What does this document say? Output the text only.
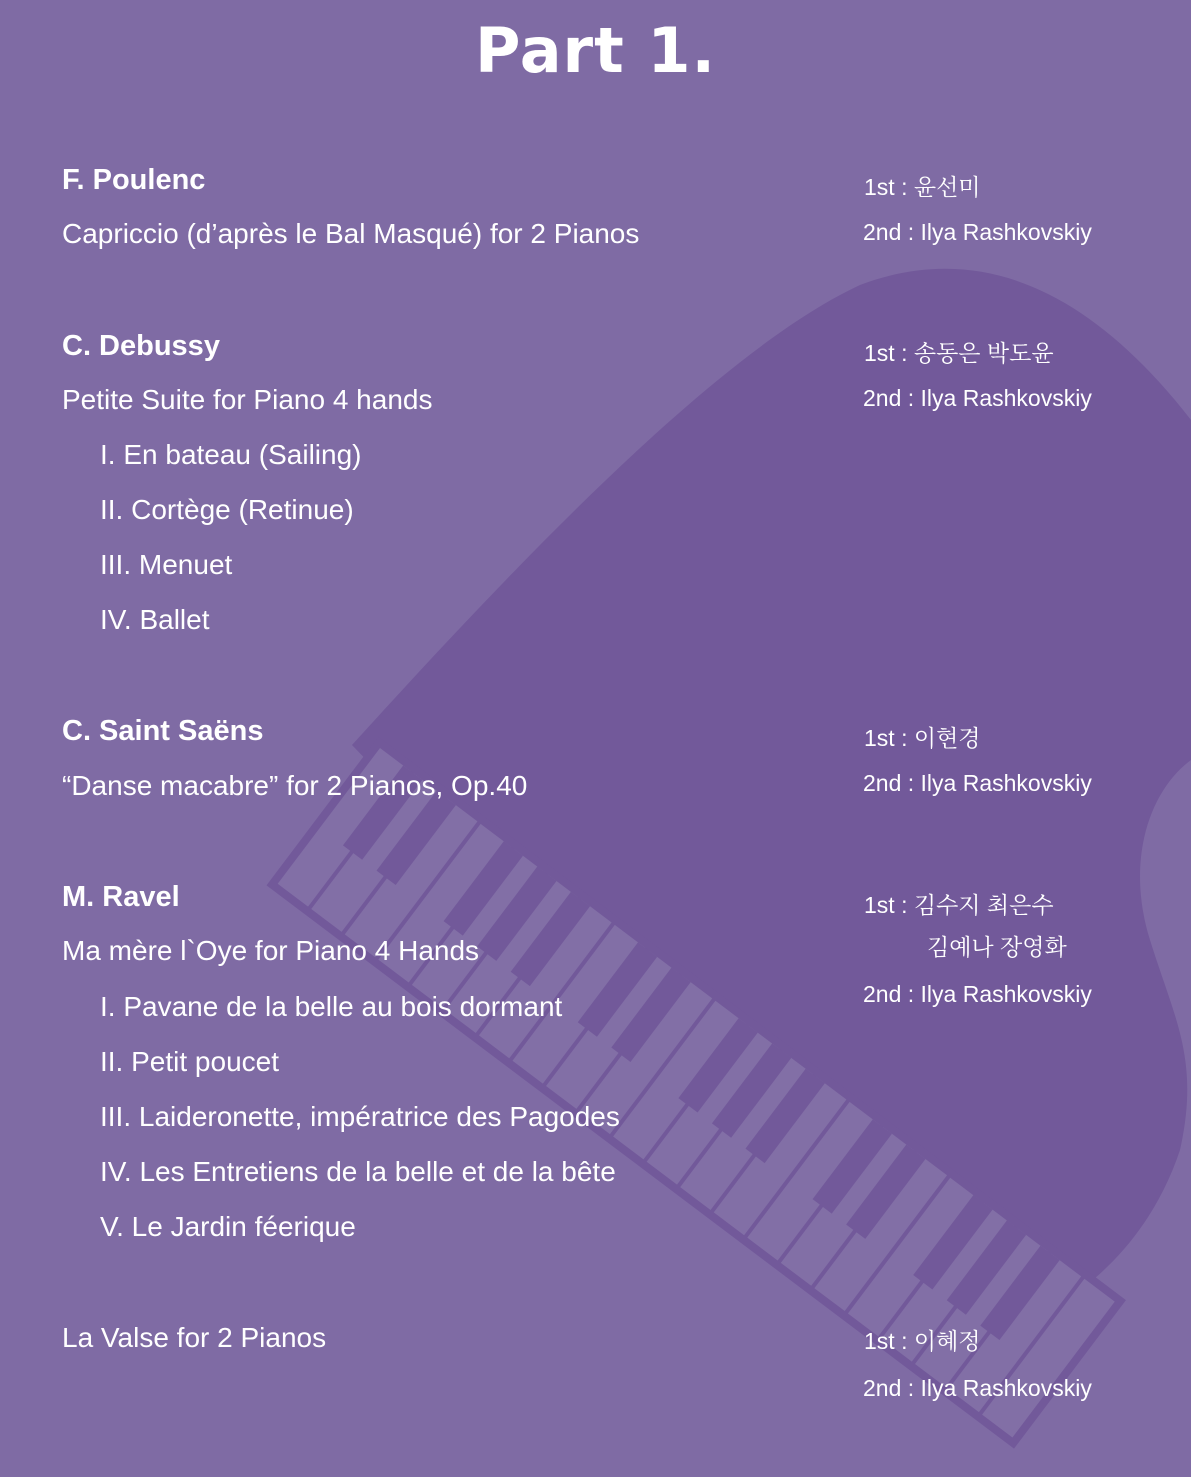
Part 1.
F. Poulenc
Capriccio (d’après le Bal Masqué) for 2 Pianos
1st : 윤선미
2nd : Ilya Rashkovskiy
C. Debussy
Petite Suite for Piano 4 hands
I. En bateau (Sailing)
II. Cortège (Retinue)
III. Menuet
IV. Ballet
1st : 송동은 박도윤
2nd : Ilya Rashkovskiy
C. Saint Saëns
“Danse macabre” for 2 Pianos, Op.40
1st : 이현경
2nd : Ilya Rashkovskiy
M. Ravel
Ma mère l`Oye for Piano 4 Hands
I. Pavane de la belle au bois dormant
II. Petit poucet
III. Laideronette, impératrice des Pagodes
IV. Les Entretiens de la belle et de la bête
V. Le Jardin féerique
1st : 김수지 최은수
김예나 장영화
2nd : Ilya Rashkovskiy
La Valse for 2 Pianos	1st : 이혜정
2nd : Ilya Rashkovskiy
